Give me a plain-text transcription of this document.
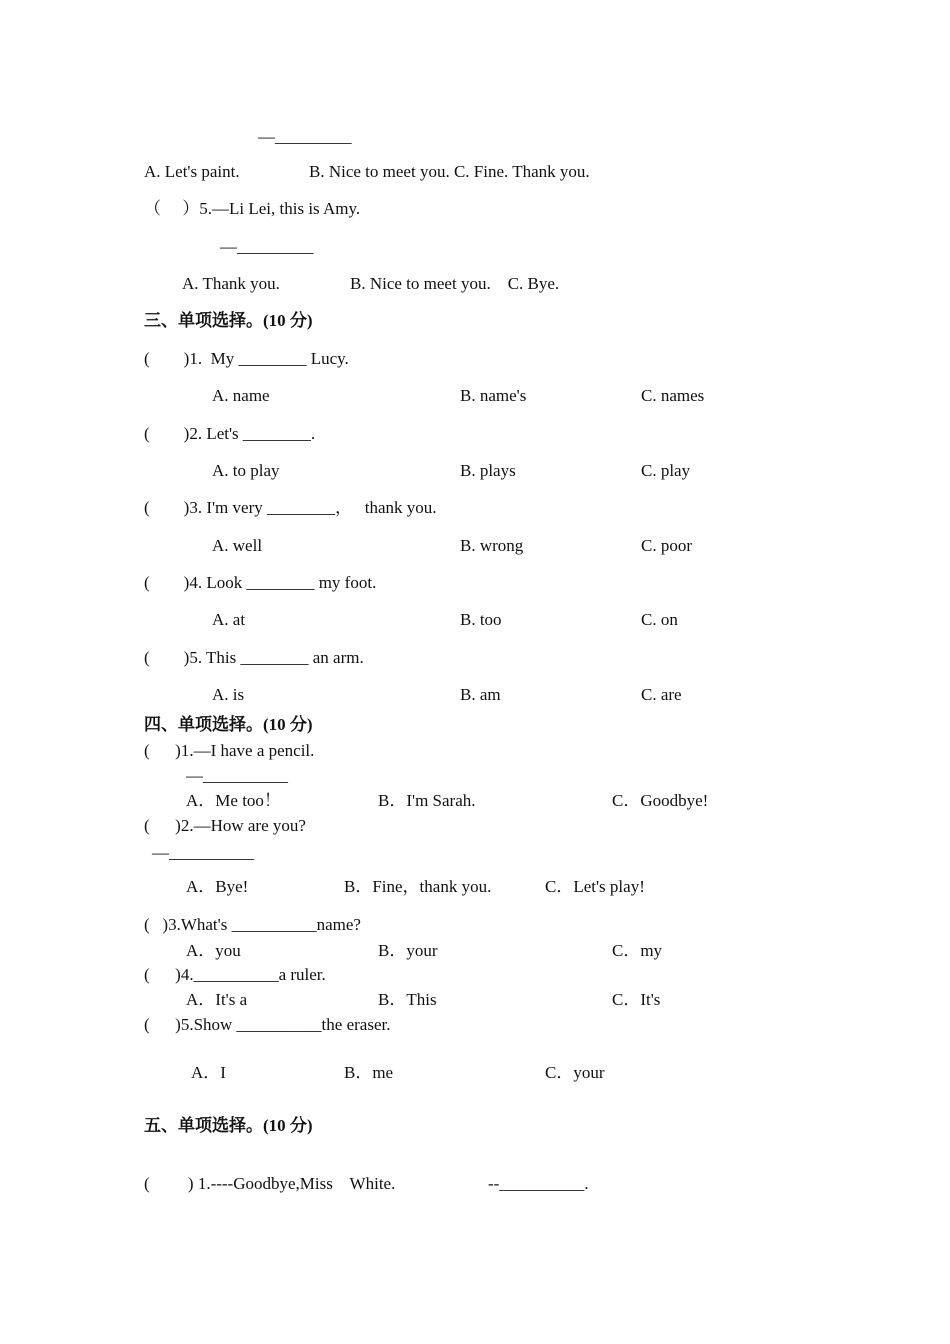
—_________
A. Let's paint.	B. Nice to meet you. C. Fine. Thank you.
（     ）5.—Li Lei, this is Amy.
—_________
A. Thank you.	B. Nice to meet you.    C. Bye.
三、单项选择。(10 分)
(        )1.  My ________ Lucy.
A. name	B. name's	C. names
(        )2. Let's ________.
A. to play	B. plays	C. play
(        )3. I'm very ________，   thank you.
A. well	B. wrong	C. poor
(        )4. Look ________ my foot.
A. at	B. too	C. on
(        )5. This ________ an arm.
A. is	B. am	C. are
四、单项选择。(10 分)
(      )1.—I have a pencil.
—__________
A．Me too！	B．I'm Sarah.	C．Goodbye!
(      )2.—How are you?
—__________
A．Bye!	B．Fine，thank you.	C．Let's play!
(   )3.What's __________name?
A．you	B．your	C．my
(      )4.__________a ruler.
A．It's a	B．This	C．It's
(      )5.Show __________the eraser.
A．I	B．me	C．your
五、单项选择。(10 分)
(         ) 1.----Goodbye,Miss    White.	--__________.
